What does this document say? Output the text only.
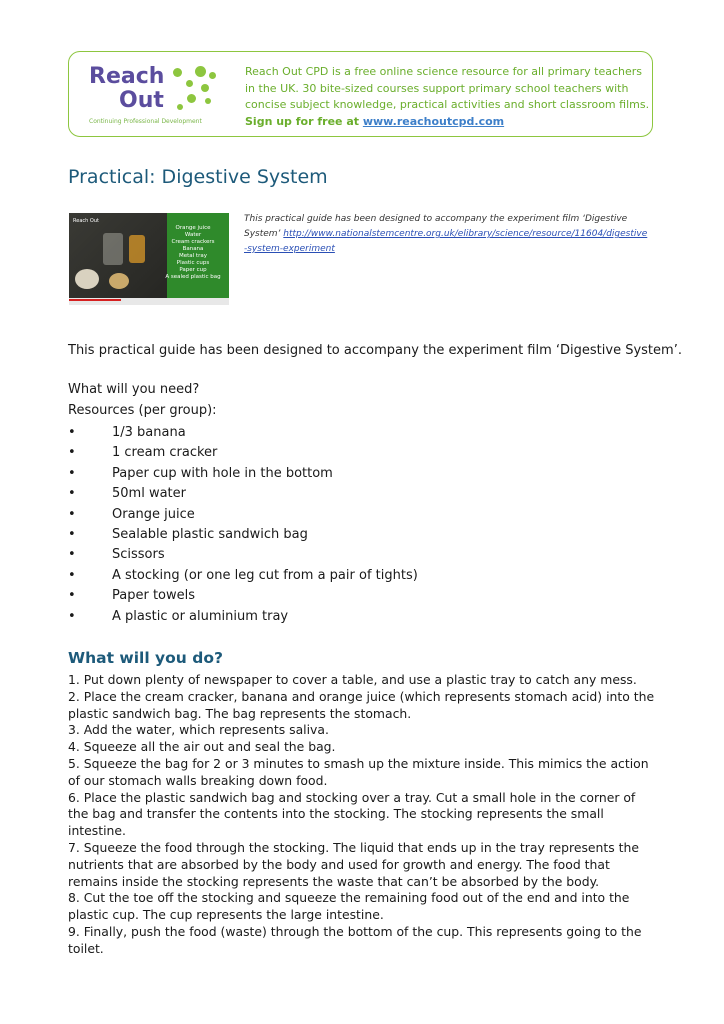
Reach
Out
Continuing Professional Development
Reach Out CPD is a free online science resource for all primary teachers
in the UK. 30 bite-sized courses support primary school teachers with
concise subject knowledge, practical activities and short classroom films.
Sign up for free at www.reachoutcpd.com
Practical: Digestive System
Reach Out
Orange juice
Water
Cream crackers
Banana
Metal tray
Plastic cups
Paper cup
A sealed plastic bag
This practical guide has been designed to accompany the experiment film ‘Digestive System’ http://www.nationalstemcentre.org.uk/elibrary/science/resource/11604/digestive-system-experiment
This practical guide has been designed to accompany the experiment film ‘Digestive System’.
What will you need?
Resources (per group):
•	1/3 banana
•	1 cream cracker
•	Paper cup with hole in the bottom
•	50ml water
•	Orange juice
•	Sealable plastic sandwich bag
•	Scissors
•	A stocking (or one leg cut from a pair of tights)
•	Paper towels
•	A plastic or aluminium tray
What will you do?

1. Put down plenty of newspaper to cover a table, and use a plastic tray to catch any mess.

2. Place the cream cracker, banana and orange juice (which represents stomach acid) into the plastic sandwich bag. The bag represents the stomach.

3. Add the water, which represents saliva.

4. Squeeze all the air out and seal the bag.

5. Squeeze the bag for 2 or 3 minutes to smash up the mixture inside. This mimics the action of our stomach walls breaking down food.

6. Place the plastic sandwich bag and stocking over a tray. Cut a small hole in the corner of the bag and transfer the contents into the stocking. The stocking represents the small intestine.

7. Squeeze the food through the stocking. The liquid that ends up in the tray represents the nutrients that are absorbed by the body and used for growth and energy. The food that remains inside the stocking represents the waste that can’t be absorbed by the body.

8. Cut the toe off the stocking and squeeze the remaining food out of the end and into the plastic cup. The cup represents the large intestine.

9. Finally, push the food (waste) through the bottom of the cup. This represents going to the toilet.
